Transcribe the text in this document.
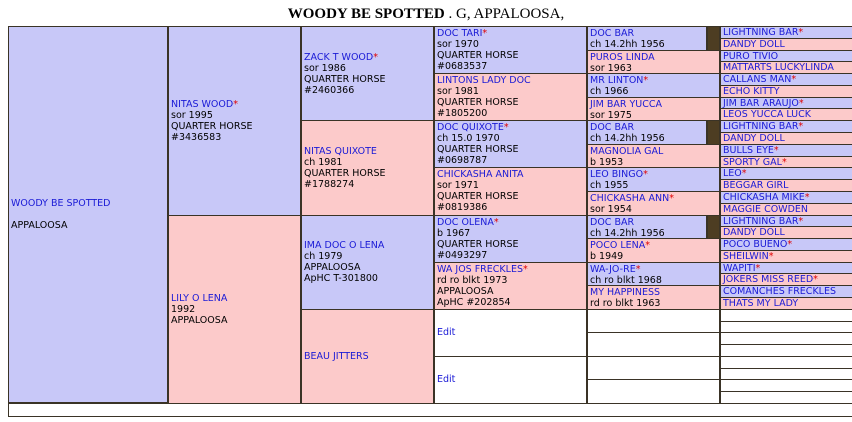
WOODY BE SPOTTED . G, APPALOOSA,
WOODY BE SPOTTED
APPALOOSA
NITAS WOOD*
sor 1995
QUARTER HORSE
#3436583
LILY O LENA
1992
APPALOOSA
ZACK T WOOD*
sor 1986
QUARTER HORSE
#2460366
NITAS QUIXOTE
ch 1981
QUARTER HORSE
#1788274
IMA DOC O LENA
ch 1979
APPALOOSA
ApHC T-301800
BEAU JITTERS
DOC TARI*
sor 1970
QUARTER HORSE
#0683537
LINTONS LADY DOC
sor 1981
QUARTER HORSE
#1805200
DOC QUIXOTE*
ch 15.0 1970
QUARTER HORSE
#0698787
CHICKASHA ANITA
sor 1971
QUARTER HORSE
#0819386
DOC OLENA*
b 1967
QUARTER HORSE
#0493297
WA JOS FRECKLES*
rd ro blkt 1973
APPALOOSA
ApHC #202854
Edit
Edit
DOC BAR
ch 14.2hh 1956
PUROS LINDA
sor 1963
MR LINTON*
ch 1966
JIM BAR YUCCA
sor 1975
DOC BAR
ch 14.2hh 1956
MAGNOLIA GAL
b 1953
LEO BINGO*
ch 1955
CHICKASHA ANN*
sor 1954
DOC BAR
ch 14.2hh 1956
POCO LENA*
b 1949
WA-JO-RE*
ch ro blkt 1968
MY HAPPINESS
rd ro blkt 1963
LIGHTNING BAR*
DANDY DOLL
PURO TIVIO
MATTARTS LUCKYLINDA
CALLANS MAN*
ECHO KITTY
JIM BAR ARAUJO*
LEOS YUCCA LUCK
LIGHTNING BAR*
DANDY DOLL
BULLS EYE*
SPORTY GAL*
LEO*
BEGGAR GIRL
CHICKASHA MIKE*
MAGGIE COWDEN
LIGHTNING BAR*
DANDY DOLL
POCO BUENO*
SHEILWIN*
WAPITI*
JOKERS MISS REED*
COMANCHES FRECKLES
THATS MY LADY
